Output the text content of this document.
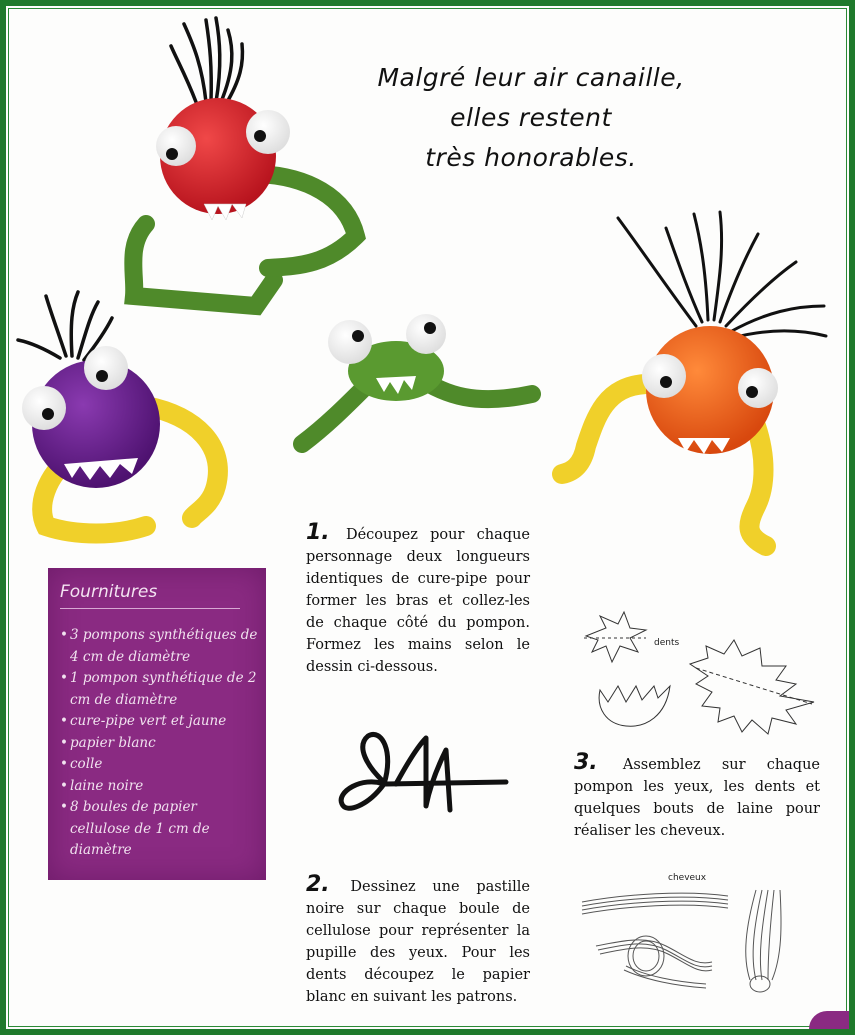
dents
cheveux
Malgré leur air canaille,
elles restent
très honorables.
Fournitures
• 3 pompons synthétiques de 4 cm de diamètre
• 1 pompon synthétique de 2 cm de diamètre
• cure-pipe vert et jaune
• papier blanc
• colle
• laine noire
• 8 boules de papier cellulose de 1 cm de diamètre
1. Découpez pour chaque personnage deux longueurs identiques de cure-pipe pour former les bras et collez-les de chaque côté du pompon. Formez les mains selon le dessin ci-dessous.
2. Dessinez une pastille noire sur chaque boule de cellulose pour représenter la pupille des yeux. Pour les dents découpez le papier blanc en suivant les patrons.
3. Assemblez sur chaque pompon les yeux, les dents et quelques bouts de laine pour réaliser les cheveux.
